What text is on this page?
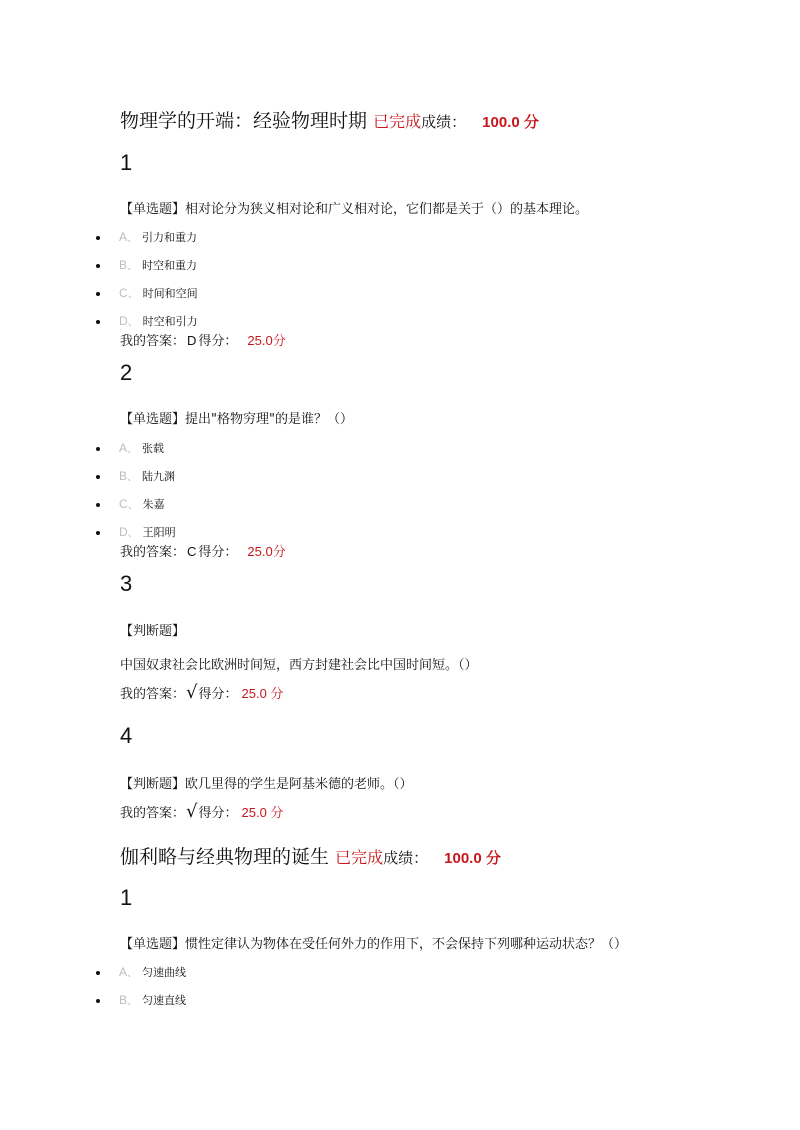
物理学的开端：经验物理时期 已完成成绩： 100.0 分
1
【单选题】相对论分为狭义相对论和广义相对论，它们都是关于（）的基本理论。
A、 引力和重力
B、 时空和重力
C、 时间和空间
D、 时空和引力
我的答案： D 得分： 25.0分
2
【单选题】提出"格物穷理"的是谁？（）
A、 张载
B、 陆九渊
C、 朱嘉
D、 王阳明
我的答案： C 得分： 25.0分
3
【判断题】
中国奴隶社会比欧洲时间短，西方封建社会比中国时间短。（）
我的答案：√得分： 25.0 分
4
【判断题】欧几里得的学生是阿基米德的老师。（）
我的答案：√得分： 25.0 分
伽利略与经典物理的诞生 已完成成绩： 100.0 分
1
【单选题】惯性定律认为物体在受任何外力的作用下，不会保持下列哪种运动状态？（）
A、 匀速曲线
B、 匀速直线
